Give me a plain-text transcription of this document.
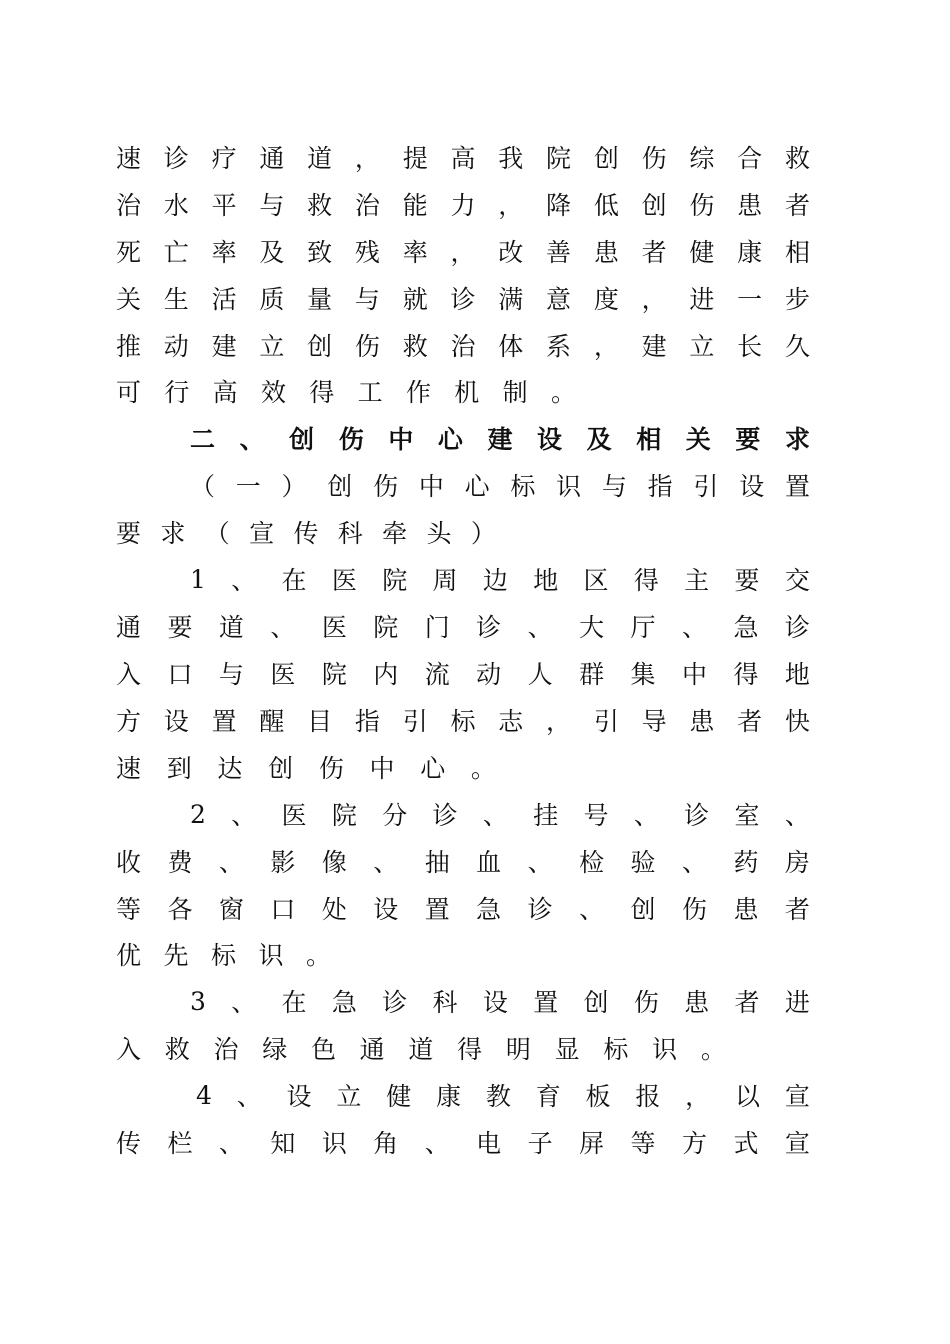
速 诊 疗 通 道 ， 提 高 我 院 创 伤 综 合 救
治 水 平 与 救 治 能 力 ， 降 低 创 伤 患 者
死 亡 率 及 致 残 率 ， 改 善 患 者 健 康 相
关 生 活 质 量 与 就 诊 满 意 度 ， 进 一 步
推 动 建 立 创 伤 救 治 体 系 ， 建 立 长 久
可 行 高 效 得 工 作 机 制 。
二 、 创 伤 中 心 建 设 及 相 关 要 求
（ 一 ） 创 伤 中 心 标 识 与 指 引 设 置
要 求 （ 宣 传 科 牵 头 ）
1 、 在 医 院 周 边 地 区 得 主 要 交
通 要 道 、 医 院 门 诊 、 大 厅 、 急 诊
入 口 与 医 院 内 流 动 人 群 集 中 得 地
方 设 置 醒 目 指 引 标 志 ， 引 导 患 者 快
速 到 达 创 伤 中 心 。
2 、 医 院 分 诊 、 挂 号 、 诊 室 、
收 费 、 影 像 、 抽 血 、 检 验 、 药 房
等 各 窗 口 处 设 置 急 诊 、 创 伤 患 者
优 先 标 识 。
3 、 在 急 诊 科 设 置 创 伤 患 者 进
入 救 治 绿 色 通 道 得 明 显 标 识 。
4 、 设 立 健 康 教 育 板 报 ， 以 宣
传 栏 、 知 识 角 、 电 子 屏 等 方 式 宣
